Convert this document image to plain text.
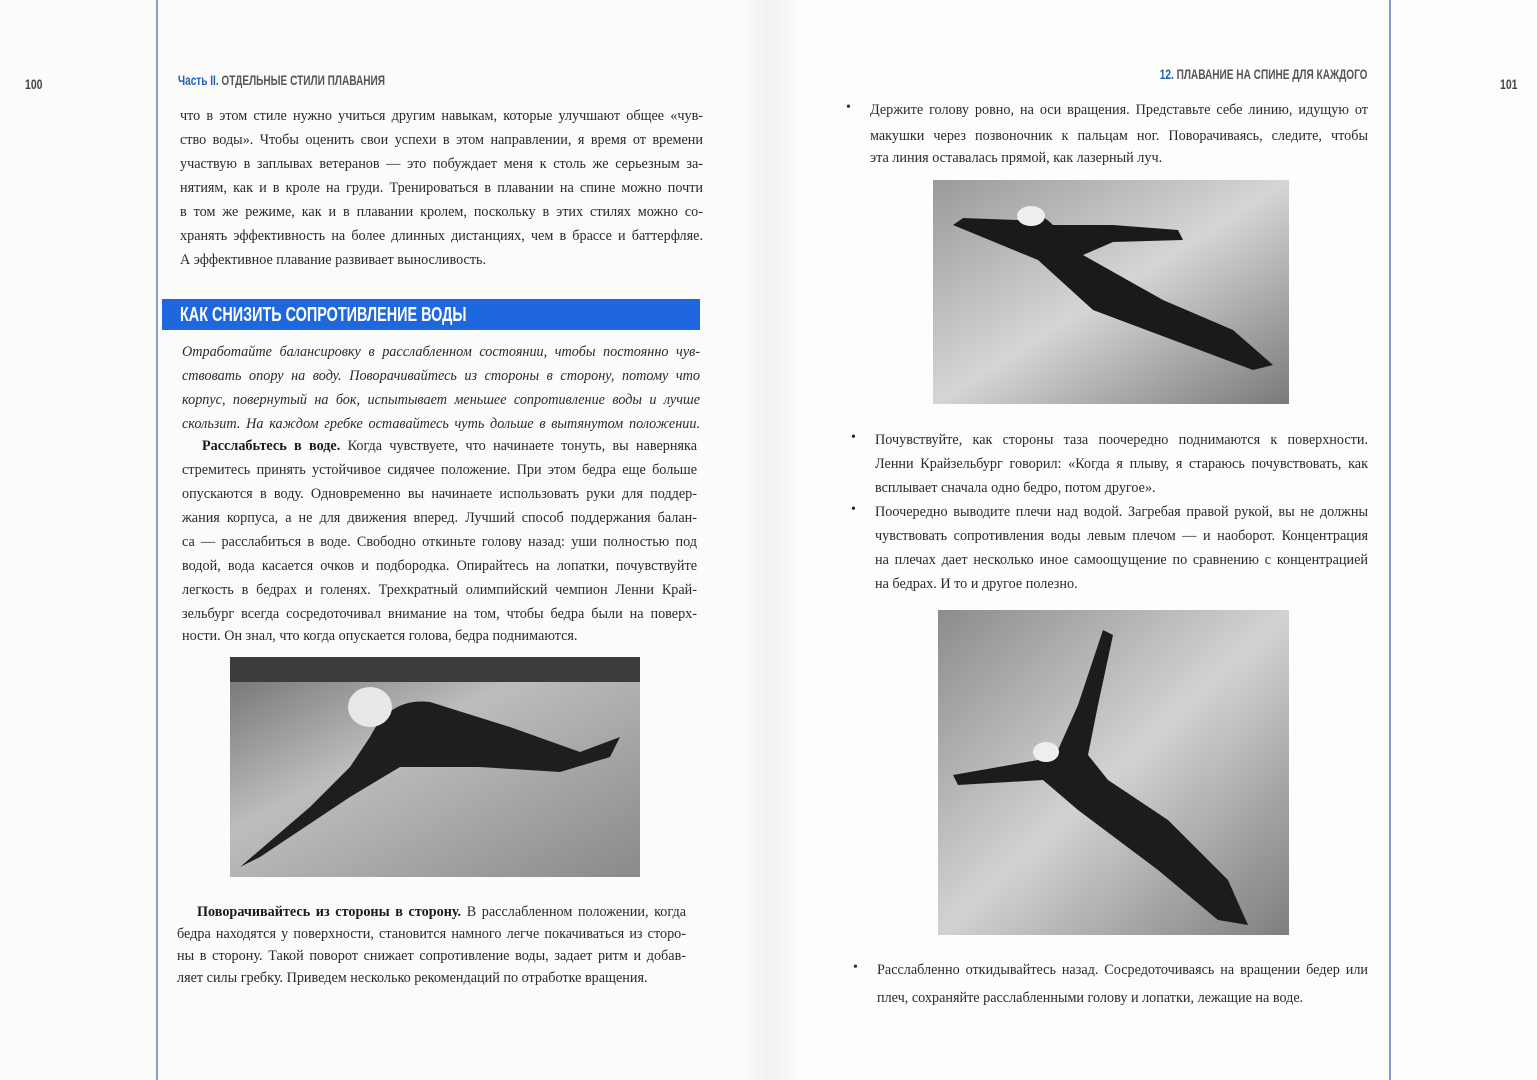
100	Часть II. ОТДЕЛЬНЫЕ СТИЛИ ПЛАВАНИЯ	101
12. ПЛАВАНИЕ НА СПИНЕ ДЛЯ КАЖДОГО
КАК СНИЗИТЬ СОПРОТИВЛЕНИЕ ВОДЫ
что в этом стиле нужно учиться другим навыкам, которые улучшают общее «чув-
ство воды». Чтобы оценить свои успехи в этом направлении, я время от времени
участвую в заплывах ветеранов — это побуждает меня к столь же серьезным за-
нятиям, как и в кроле на груди. Тренироваться в плавании на спине можно почти
в том же режиме, как и в плавании кролем, поскольку в этих стилях можно со-
хранять эффективность на более длинных дистанциях, чем в брассе и баттерфляе.
А эффективное плавание развивает выносливость.
Отработайте балансировку в расслабленном состоянии, чтобы постоянно чув-
ствовать опору на воду. Поворачивайтесь из стороны в сторону, потому что
корпус, повернутый на бок, испытывает меньшее сопротивление воды и лучше
скользит. На каждом гребке оставайтесь чуть дольше в вытянутом положении.
Расслабьтесь в воде. Когда чувствуете, что начинаете тонуть, вы наверняка
стремитесь принять устойчивое сидячее положение. При этом бедра еще больше
опускаются в воду. Одновременно вы начинаете использовать руки для поддер-
жания корпуса, а не для движения вперед. Лучший способ поддержания балан-
са — расслабиться в воде. Свободно откиньте голову назад: уши полностью под
водой, вода касается очков и подбородка. Опирайтесь на лопатки, почувствуйте
легкость в бедрах и голенях. Трехкратный олимпийский чемпион Ленни Край-
зельбург всегда сосредоточивал внимание на том, чтобы бедра были на поверх-
ности. Он знал, что когда опускается голова, бедра поднимаются.
Поворачивайтесь из стороны в сторону. В расслабленном положении, когда
бедра находятся у поверхности, становится намного легче покачиваться из сторо-
ны в сторону. Такой поворот снижает сопротивление воды, задает ритм и добав-
ляет силы гребку. Приведем несколько рекомендаций по отработке вращения.
• Держите голову ровно, на оси вращения. Представьте себе линию, идущую от
макушки через позвоночник к пальцам ног. Поворачиваясь, следите, чтобы
эта линия оставалась прямой, как лазерный луч.
• Почувствуйте, как стороны таза поочередно поднимаются к поверхности.
Ленни Крайзельбург говорил: «Когда я плыву, я стараюсь почувствовать, как
всплывает сначала одно бедро, потом другое».
• Поочередно выводите плечи над водой. Загребая правой рукой, вы не должны
чувствовать сопротивления воды левым плечом — и наоборот. Концентрация
на плечах дает несколько иное самоощущение по сравнению с концентрацией
на бедрах. И то и другое полезно.
• Расслабленно откидывайтесь назад. Сосредоточиваясь на вращении бедер или
плеч, сохраняйте расслабленными голову и лопатки, лежащие на воде.
